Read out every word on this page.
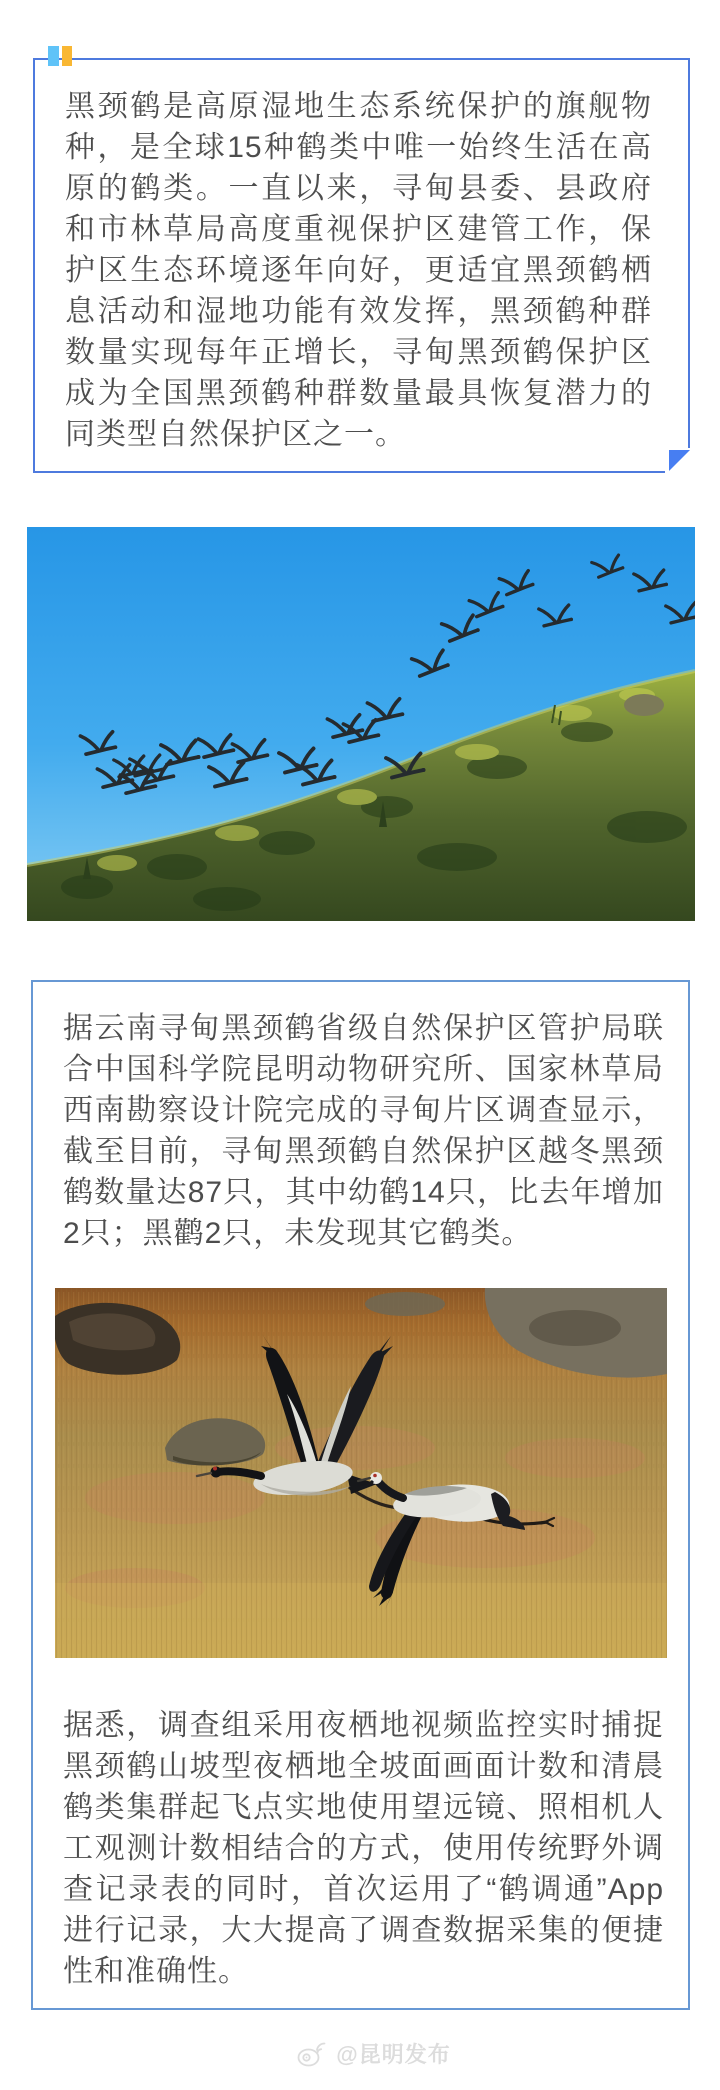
黑颈鹤是高原湿地生态系统保护的旗舰物种，是全球15种鹤类中唯一始终生活在高原的鹤类。一直以来，寻甸县委、县政府和市林草局高度重视保护区建管工作，保护区生态环境逐年向好，更适宜黑颈鹤栖息活动和湿地功能有效发挥，黑颈鹤种群数量实现每年正增长，寻甸黑颈鹤保护区成为全国黑颈鹤种群数量最具恢复潜力的同类型自然保护区之一。

据云南寻甸黑颈鹤省级自然保护区管护局联合中国科学院昆明动物研究所、国家林草局西南勘察设计院完成的寻甸片区调查显示，截至目前，寻甸黑颈鹤自然保护区越冬黑颈鹤数量达87只，其中幼鹤14只，比去年增加2只；黑鹳2只，未发现其它鹤类。

据悉，调查组采用夜栖地视频监控实时捕捉黑颈鹤山坡型夜栖地全坡面画面计数和清晨鹤类集群起飞点实地使用望远镜、照相机人工观测计数相结合的方式，使用传统野外调查记录表的同时，首次运用了“鹤调通”App进行记录，大大提高了调查数据采集的便捷性和准确性。

@昆明发布
